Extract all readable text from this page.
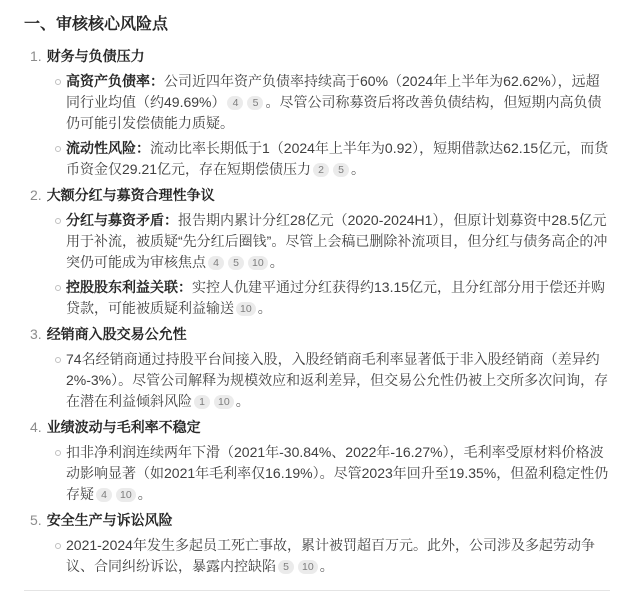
一、审核核心风险点
1. 财务与负债压力
高资产负债率：公司近四年资产负债率持续高于60%（2024年上半年为62.62%），远超同行业均值（约49.69%） 4 5 。尽管公司称募资后将改善负债结构，但短期内高负债仍可能引发偿债能力质疑。
流动性风险：流动比率长期低于1（2024年上半年为0.92），短期借款达62.15亿元，而货币资金仅29.21亿元，存在短期偿债压力 2 5 。
2. 大额分红与募资合理性争议
分红与募资矛盾：报告期内累计分红28亿元（2020-2024H1），但原计划募资中28.5亿元用于补流，被质疑“先分红后圈钱”。尽管上会稿已删除补流项目，但分红与债务高企的冲突仍可能成为审核焦点 4 5 10 。
控股股东利益关联：实控人仇建平通过分红获得约13.15亿元，且分红部分用于偿还并购贷款，可能被质疑利益输送 10 。
3. 经销商入股交易公允性
74名经销商通过持股平台间接入股，入股经销商毛利率显著低于非入股经销商（差异约2%-3%）。尽管公司解释为规模效应和返利差异，但交易公允性仍被上交所多次问询，存在潜在利益倾斜风险 1 10 。
4. 业绩波动与毛利率不稳定
扣非净利润连续两年下滑（2021年-30.84%、2022年-16.27%），毛利率受原材料价格波动影响显著（如2021年毛利率仅16.19%）。尽管2023年回升至19.35%，但盈利稳定性仍存疑 4 10 。
5. 安全生产与诉讼风险
2021-2024年发生多起员工死亡事故，累计被罚超百万元。此外，公司涉及多起劳动争议、合同纠纷诉讼，暴露内控缺陷 5 10 。
